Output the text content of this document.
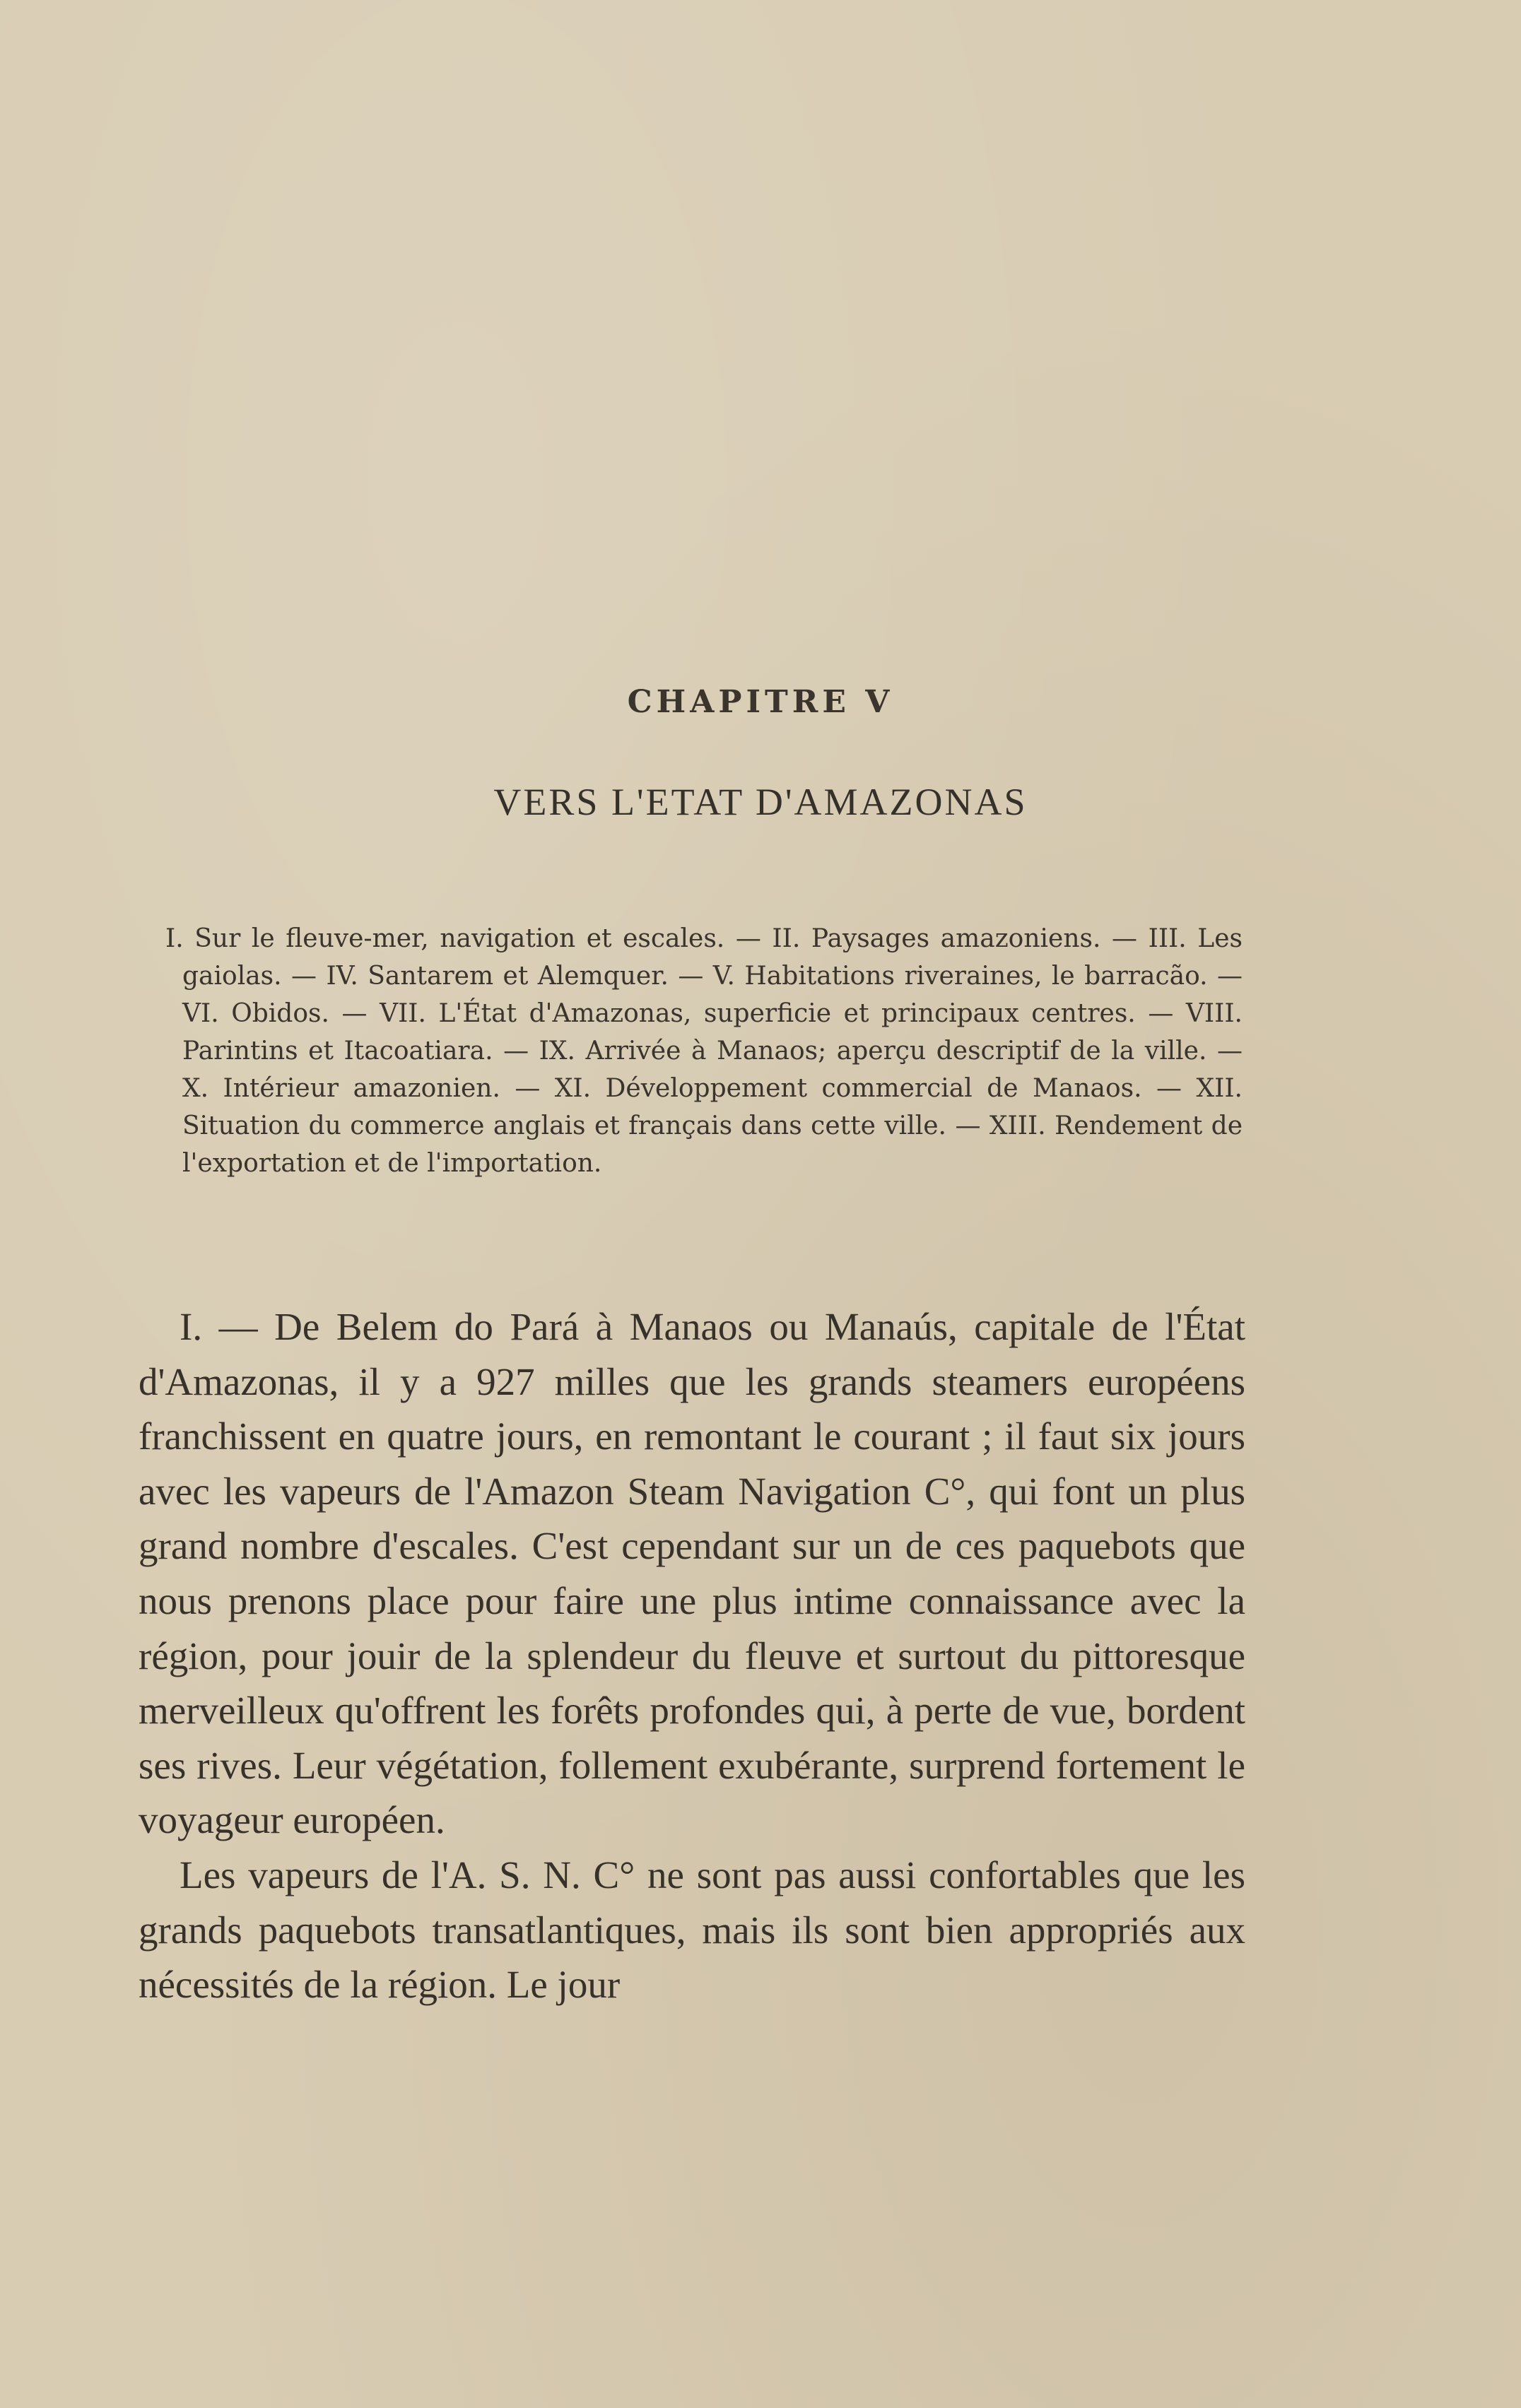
CHAPITRE V
VERS L'ETAT D'AMAZONAS

I. Sur le fleuve-mer, navigation et escales. — II. Paysages amazoniens. — III. Les gaiolas. — IV. Santarem et Alemquer. — V. Habitations riveraines, le barracão. — VI. Obidos. — VII. L'État d'Amazonas, superficie et principaux centres. — VIII. Parintins et Itacoatiara. — IX. Arrivée à Manaos; aperçu descriptif de la ville. — X. Intérieur amazonien. — XI. Développement commercial de Manaos. — XII. Situation du commerce anglais et français dans cette ville. — XIII. Rendement de l'exportation et de l'importation.

I. — De Belem do Pará à Manaos ou Manaús, capitale de l'État d'Amazonas, il y a 927 milles que les grands steamers européens franchissent en quatre jours, en remontant le courant ; il faut six jours avec les vapeurs de l'Amazon Steam Navigation C°, qui font un plus grand nombre d'escales. C'est cependant sur un de ces paquebots que nous prenons place pour faire une plus intime connaissance avec la région, pour jouir de la splendeur du fleuve et surtout du pittoresque merveilleux qu'offrent les forêts profondes qui, à perte de vue, bordent ses rives. Leur végétation, follement exubérante, surprend fortement le voyageur européen.

Les vapeurs de l'A. S. N. C° ne sont pas aussi confortables que les grands paquebots transatlantiques, mais ils sont bien appropriés aux nécessités de la région. Le jour
